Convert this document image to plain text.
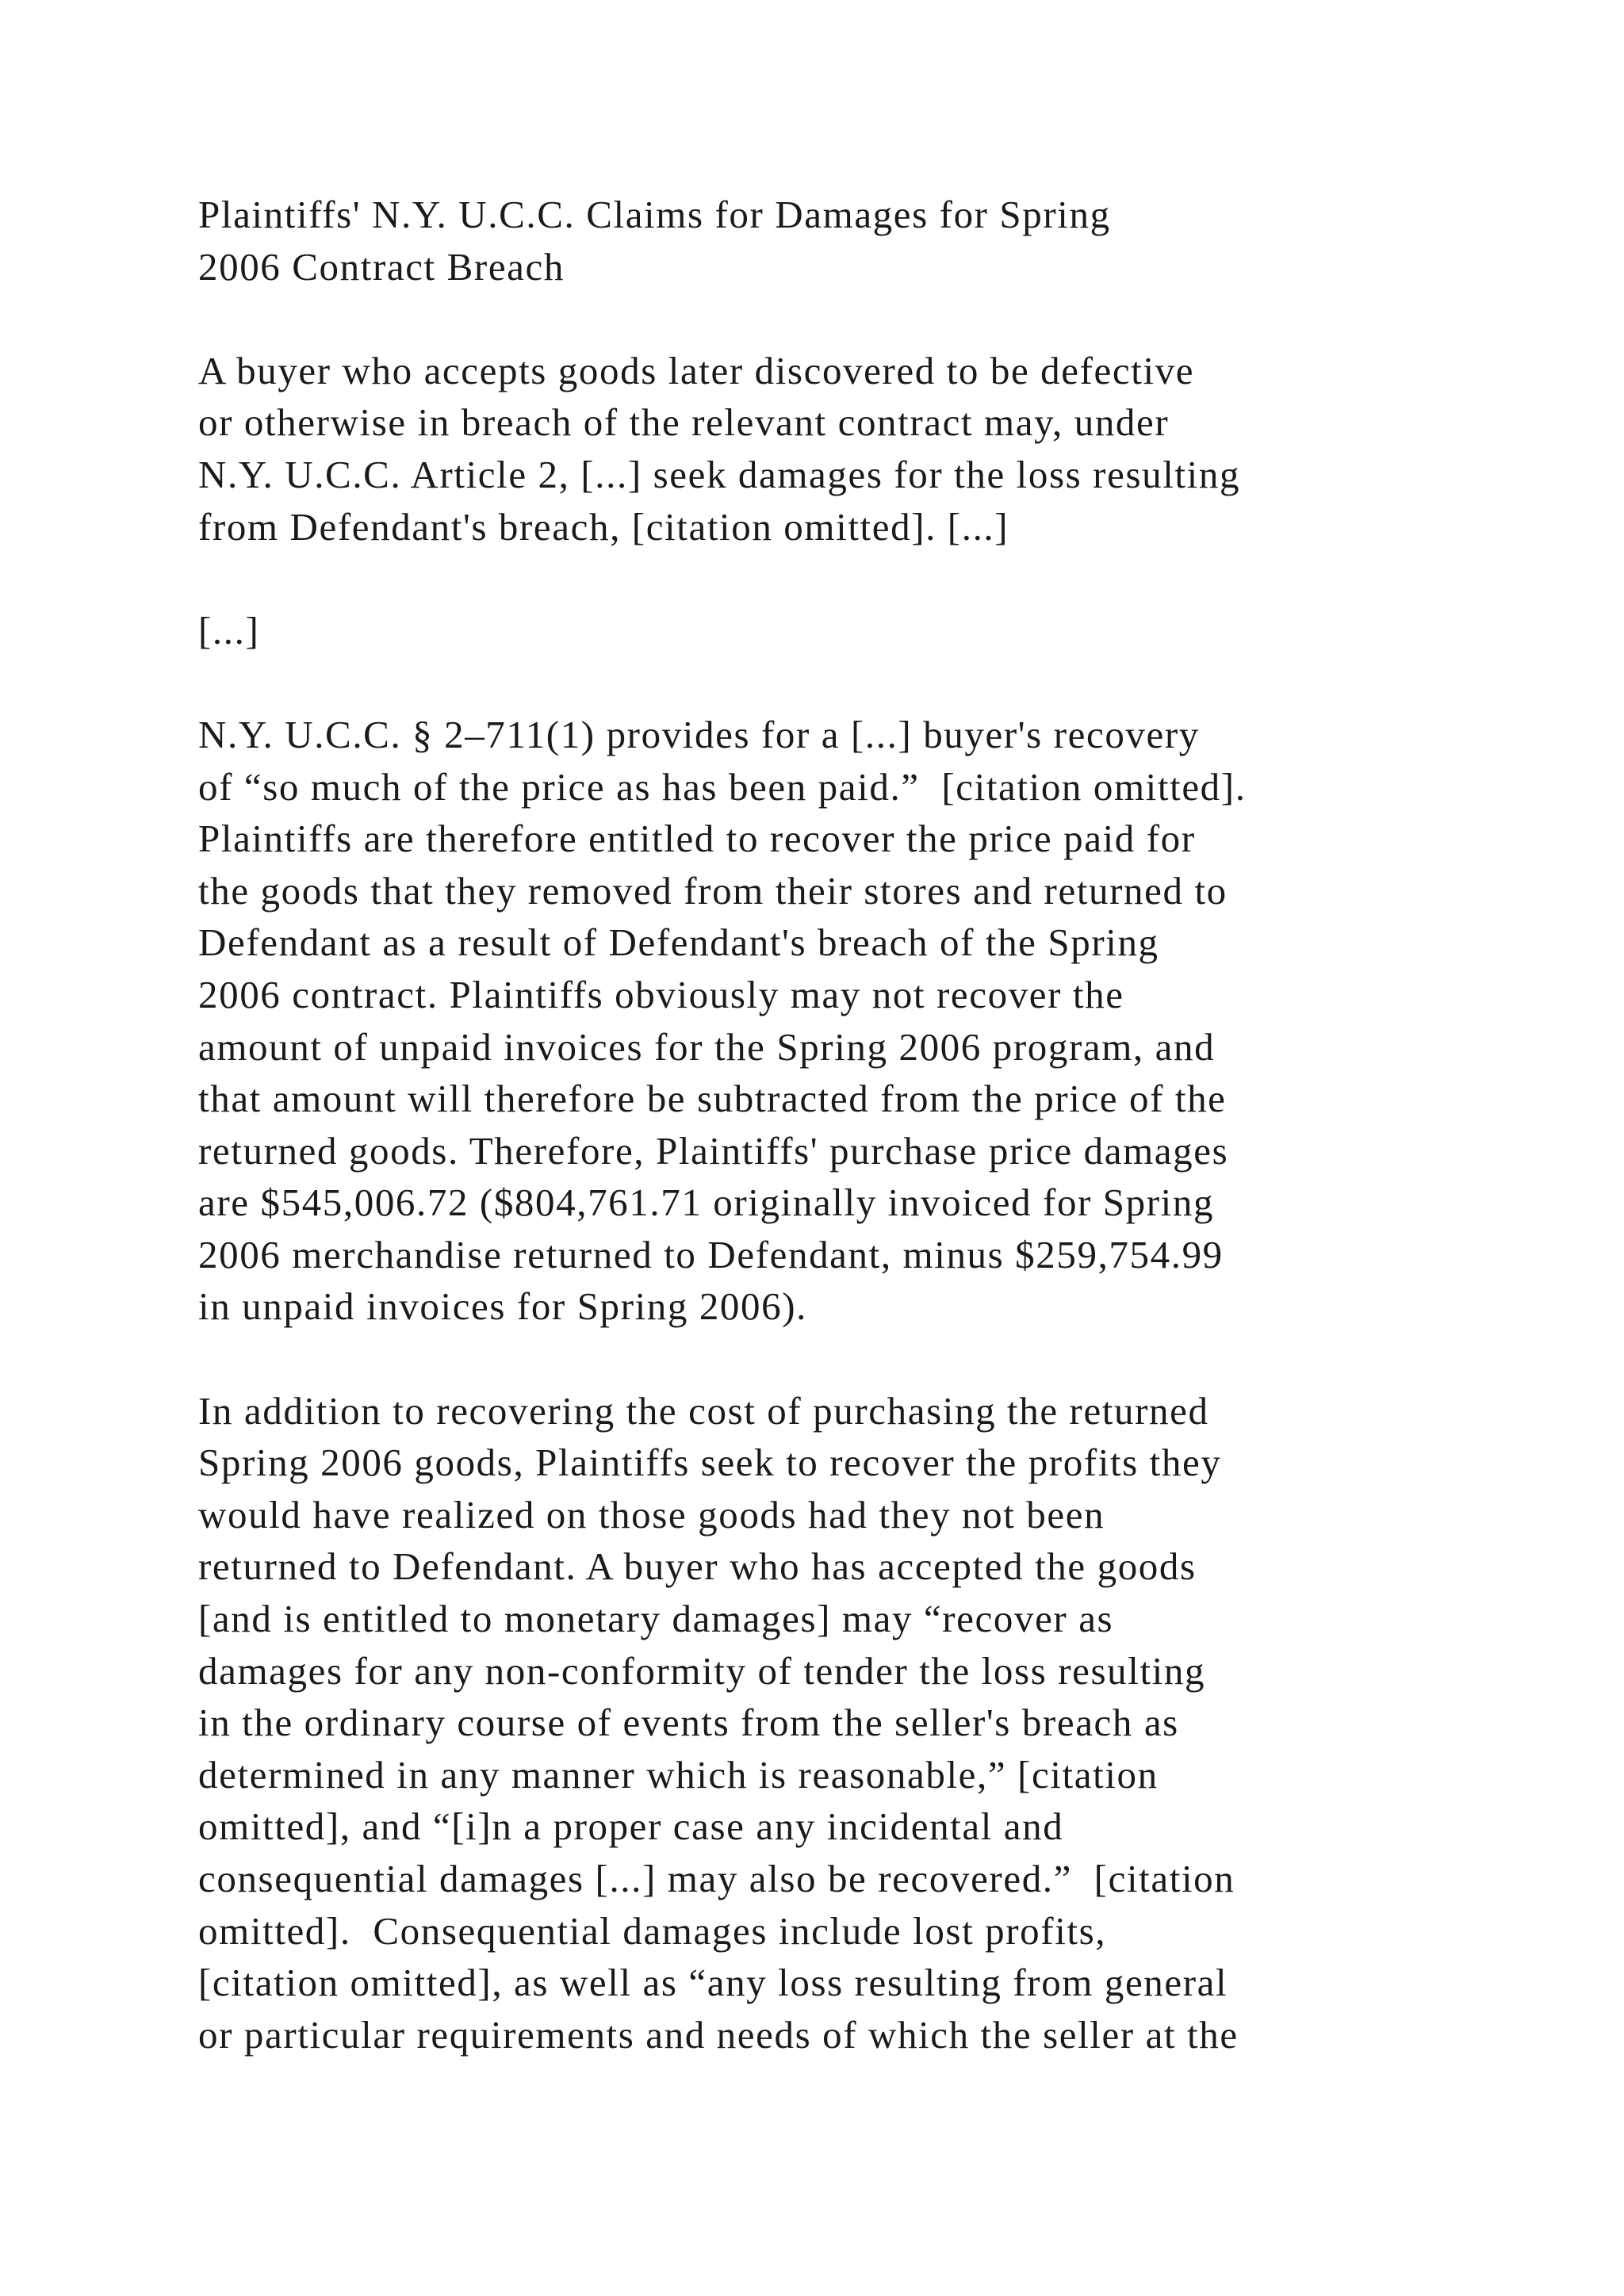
Plaintiffs' N.Y. U.C.C. Claims for Damages for Spring
2006 Contract Breach
A buyer who accepts goods later discovered to be defective
or otherwise in breach of the relevant contract may, under
N.Y. U.C.C. Article 2, [...] seek damages for the loss resulting
from Defendant's breach, [citation omitted]. [...]
[...]
N.Y. U.C.C. § 2–711(1) provides for a [...] buyer's recovery
of “so much of the price as has been paid.”  [citation omitted].
Plaintiffs are therefore entitled to recover the price paid for
the goods that they removed from their stores and returned to
Defendant as a result of Defendant's breach of the Spring
2006 contract. Plaintiffs obviously may not recover the
amount of unpaid invoices for the Spring 2006 program, and
that amount will therefore be subtracted from the price of the
returned goods. Therefore, Plaintiffs' purchase price damages
are $545,006.72 ($804,761.71 originally invoiced for Spring
2006 merchandise returned to Defendant, minus $259,754.99
in unpaid invoices for Spring 2006).
In addition to recovering the cost of purchasing the returned
Spring 2006 goods, Plaintiffs seek to recover the profits they
would have realized on those goods had they not been
returned to Defendant. A buyer who has accepted the goods
[and is entitled to monetary damages] may “recover as
damages for any non-conformity of tender the loss resulting
in the ordinary course of events from the seller's breach as
determined in any manner which is reasonable,” [citation
omitted], and “[i]n a proper case any incidental and
consequential damages [...] may also be recovered.”  [citation
omitted].  Consequential damages include lost profits,
[citation omitted], as well as “any loss resulting from general
or particular requirements and needs of which the seller at the
